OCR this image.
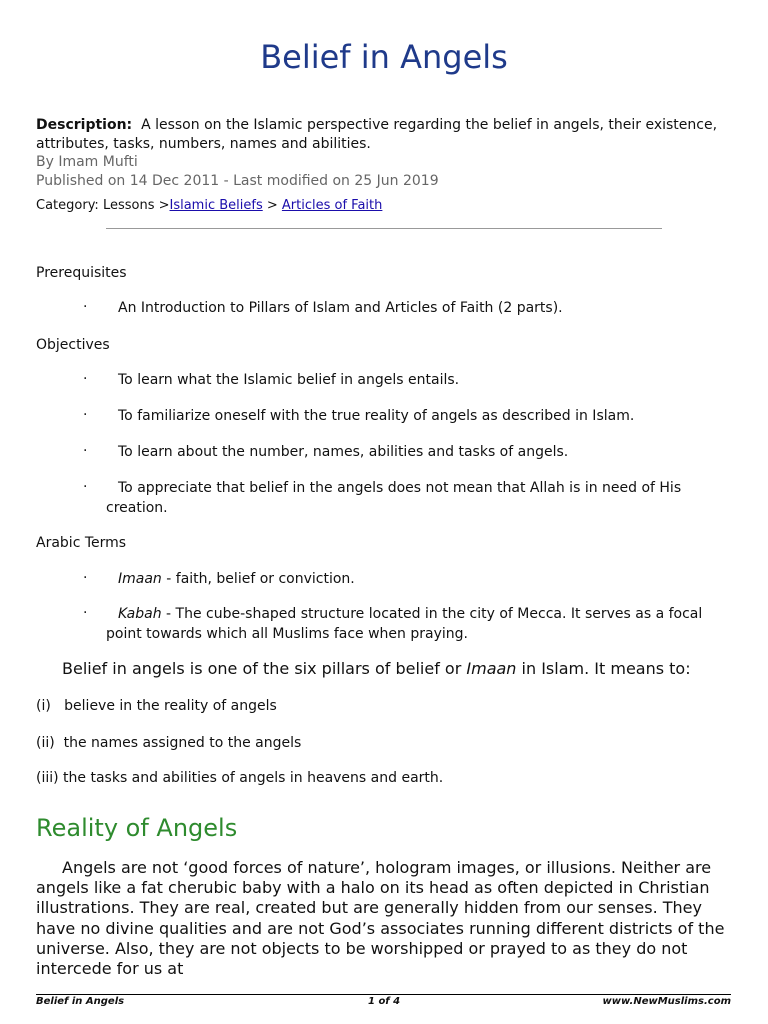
Belief in Angels
Description: A lesson on the Islamic perspective regarding the belief in angels, their existence, attributes, tasks, numbers, names and abilities.
By Imam Mufti
Published on 14 Dec 2011 - Last modified on 25 Jun 2019
Category: Lessons >Islamic Beliefs > Articles of Faith
Prerequisites
·	An Introduction to Pillars of Islam and Articles of Faith (2 parts).
Objectives
·	To learn what the Islamic belief in angels entails.
·	To familiarize oneself with the true reality of angels as described in Islam.
·	To learn about the number, names, abilities and tasks of angels.
·	To appreciate that belief in the angels does not mean that Allah is in need of His creation.
Arabic Terms
·	Imaan - faith, belief or conviction.
·	Kabah - The cube-shaped structure located in the city of Mecca. It serves as a focal point towards which all Muslims face when praying.
Belief in angels is one of the six pillars of belief or Imaan in Islam. It means to:
(i)   believe in the reality of angels
(ii)  the names assigned to the angels
(iii) the tasks and abilities of angels in heavens and earth.
Reality of Angels
Angels are not ‘good forces of nature’, hologram images, or illusions. Neither are angels like a fat cherubic baby with a halo on its head as often depicted in Christian illustrations. They are real, created but are generally hidden from our senses. They have no divine qualities and are not God’s associates running different districts of the universe. Also, they are not objects to be worshipped or prayed to as they do not intercede for us at
Belief in Angels	1 of 4	www.NewMuslims.com
